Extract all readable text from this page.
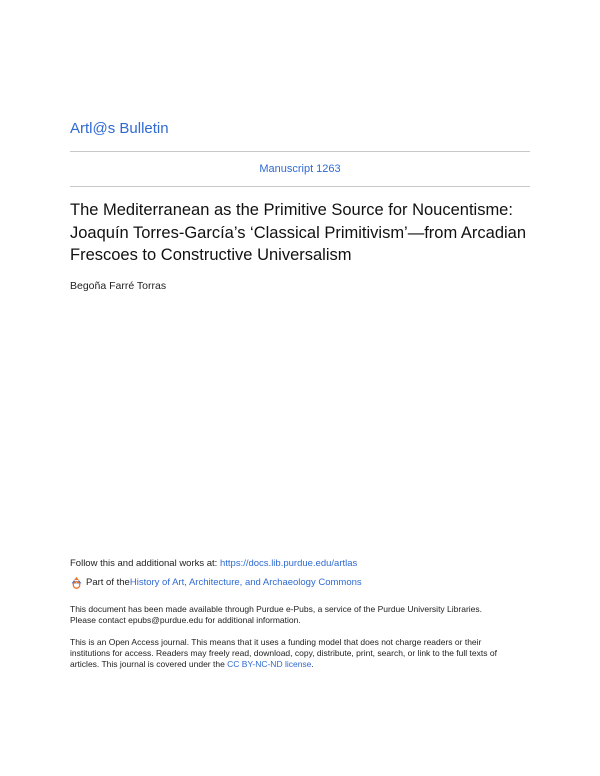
Artl@s Bulletin
Manuscript 1263
The Mediterranean as the Primitive Source for Noucentisme:
Joaquín Torres-García’s ‘Classical Primitivism’—from Arcadian
Frescoes to Constructive Universalism
Begoña Farré Torras
Follow this and additional works at: https://docs.lib.purdue.edu/artlas
Part of the History of Art, Architecture, and Archaeology Commons

This document has been made available through Purdue e-Pubs, a service of the Purdue University Libraries.
Please contact epubs@purdue.edu for additional information.

This is an Open Access journal. This means that it uses a funding model that does not charge readers or their
institutions for access. Readers may freely read, download, copy, distribute, print, search, or link to the full texts of
articles. This journal is covered under the CC BY-NC-ND license.
